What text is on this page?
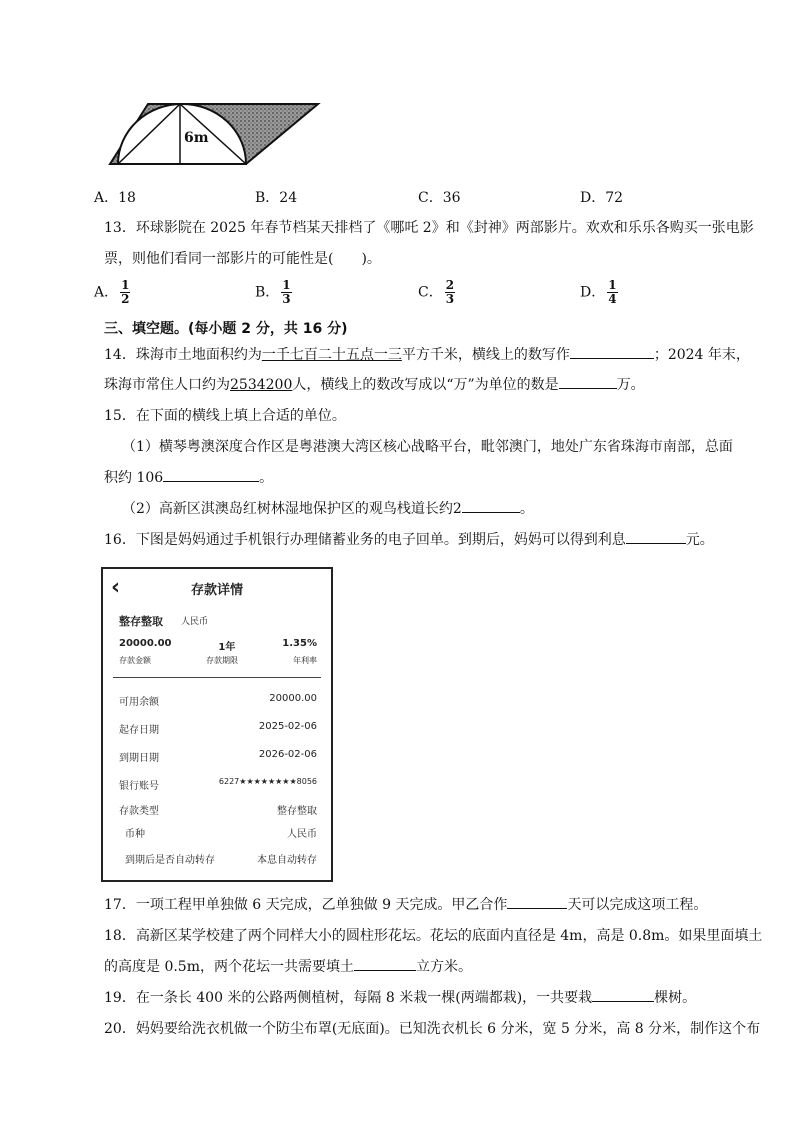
6m
A．18	B．24	C．36	D．72
13．环球影院在 2025 年春节档某天排档了《哪吒 2》和《封神》两部影片。欢欢和乐乐各购买一张电影
票，则他们看同一部影片的可能性是(　　)。
A． $\frac{1}{2}$	B． $\frac{1}{3}$	C． $\frac{2}{3}$	D． $\frac{1}{4}$
三、填空题。(每小题 2 分，共 16 分)
14．珠海市土地面积约为一千七百二十五点一三平方千米，横线上的数写作	；2024 年末，
珠海市常住人口约为2534200人，横线上的数改写成以“万”为单位的数是	万。
15．在下面的横线上填上合适的单位。
（1）横琴粤澳深度合作区是粤港澳大湾区核心战略平台，毗邻澳门，地处广东省珠海市南部，总面
积约 106	。
（2）高新区淇澳岛红树林湿地保护区的观鸟栈道长约2	。
16．下图是妈妈通过手机银行办理储蓄业务的电子回单。到期后，妈妈可以得到利息	元。
‹	存款详情
整存整取 人民币
20000.00	1年	1.35%
存款金额	存款期限	年利率
可用余额	20000.00
起存日期	2025-02-06
到期日期	2026-02-06
银行账号	6227★★★★★★★★8056
存款类型	整存整取
币种	人民币
到期后是否自动转存	本息自动转存
17．一项工程甲单独做 6 天完成，乙单独做 9 天完成。甲乙合作	天可以完成这项工程。
18．高新区某学校建了两个同样大小的圆柱形花坛。花坛的底面内直径是 4m，高是 0.8m。如果里面填土
的高度是 0.5m，两个花坛一共需要填土	立方米。
19．在一条长 400 米的公路两侧植树，每隔 8 米栽一棵(两端都栽)，一共要栽	棵树。
20．妈妈要给洗衣机做一个防尘布罩(无底面)。已知洗衣机长 6 分米，宽 5 分米，高 8 分米，制作这个布
